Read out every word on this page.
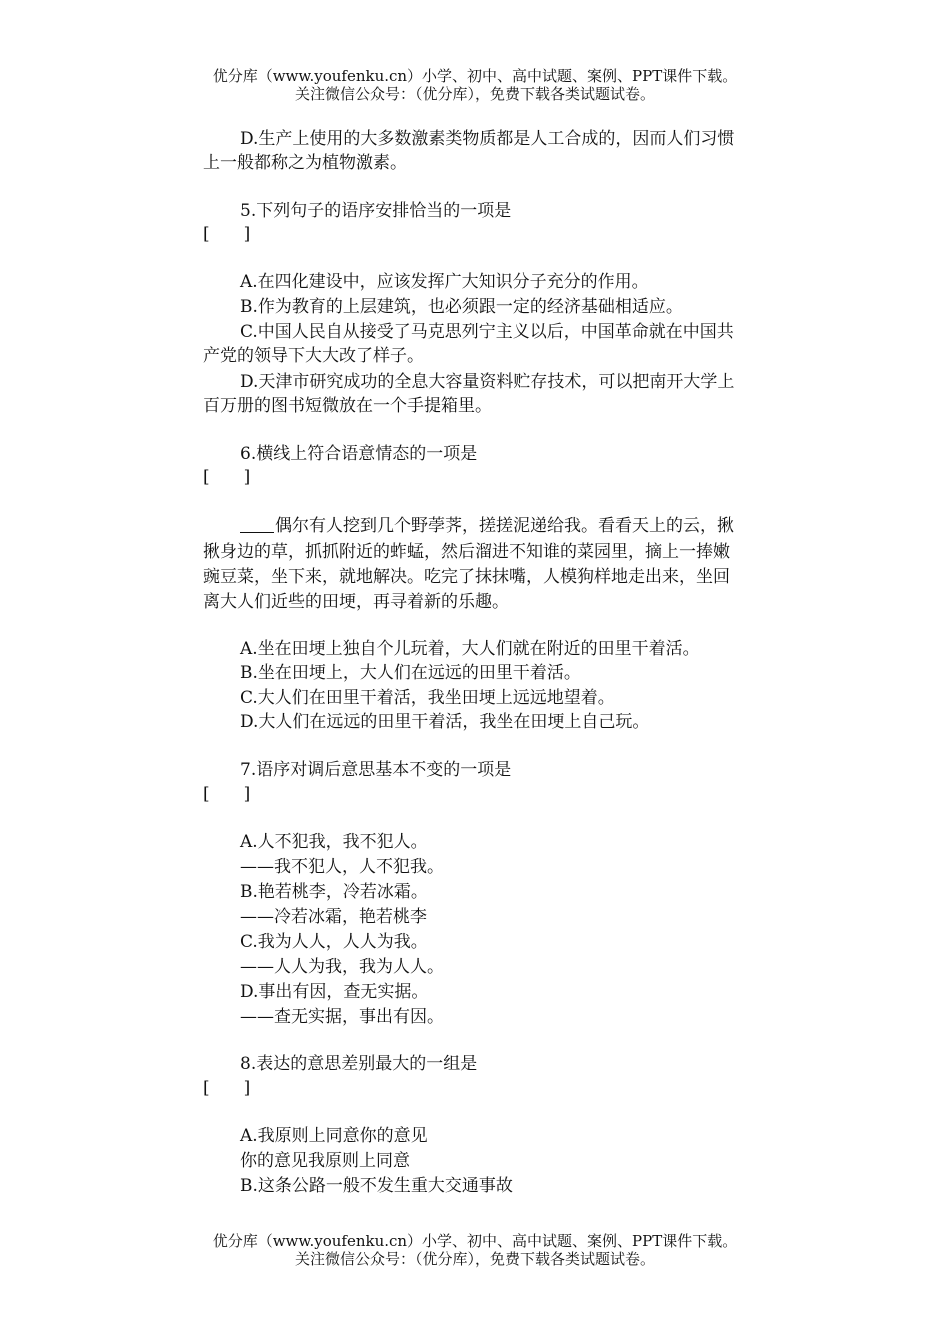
优分库（www.youfenku.cn）小学、初中、高中试题、案例、PPT课件下载。
关注微信公众号：（优分库），免费下载各类试题试卷。
D.生产上使用的大多数激素类物质都是人工合成的，因而人们习惯
上一般都称之为植物激素。
5.下列句子的语序安排恰当的一项是
[　　]
A.在四化建设中，应该发挥广大知识分子充分的作用。
B.作为教育的上层建筑，也必须跟一定的经济基础相适应。
C.中国人民自从接受了马克思列宁主义以后，中国革命就在中国共
产党的领导下大大改了样子。
D.天津市研究成功的全息大容量资料贮存技术，可以把南开大学上
百万册的图书短微放在一个手提箱里。
6.横线上符合语意情态的一项是
[　　]
偶尔有人挖到几个野荸荠，搓搓泥递给我。看看天上的云，揪
揪身边的草，抓抓附近的蚱蜢，然后溜进不知谁的菜园里，摘上一捧嫩
豌豆菜，坐下来，就地解决。吃完了抹抹嘴，人模狗样地走出来，坐回
离大人们近些的田埂，再寻着新的乐趣。
A.坐在田埂上独自个儿玩着，大人们就在附近的田里干着活。
B.坐在田埂上，大人们在远远的田里干着活。
C.大人们在田里干着活，我坐田埂上远远地望着。
D.大人们在远远的田里干着活，我坐在田埂上自己玩。
7.语序对调后意思基本不变的一项是
[　　]
A.人不犯我，我不犯人。
——我不犯人，人不犯我。
B.艳若桃李，冷若冰霜。
——冷若冰霜，艳若桃李
C.我为人人，人人为我。
——人人为我，我为人人。
D.事出有因，查无实据。
——查无实据，事出有因。
8.表达的意思差别最大的一组是
[　　]
A.我原则上同意你的意见
你的意见我原则上同意
B.这条公路一般不发生重大交通事故
优分库（www.youfenku.cn）小学、初中、高中试题、案例、PPT课件下载。
关注微信公众号：（优分库），免费下载各类试题试卷。
